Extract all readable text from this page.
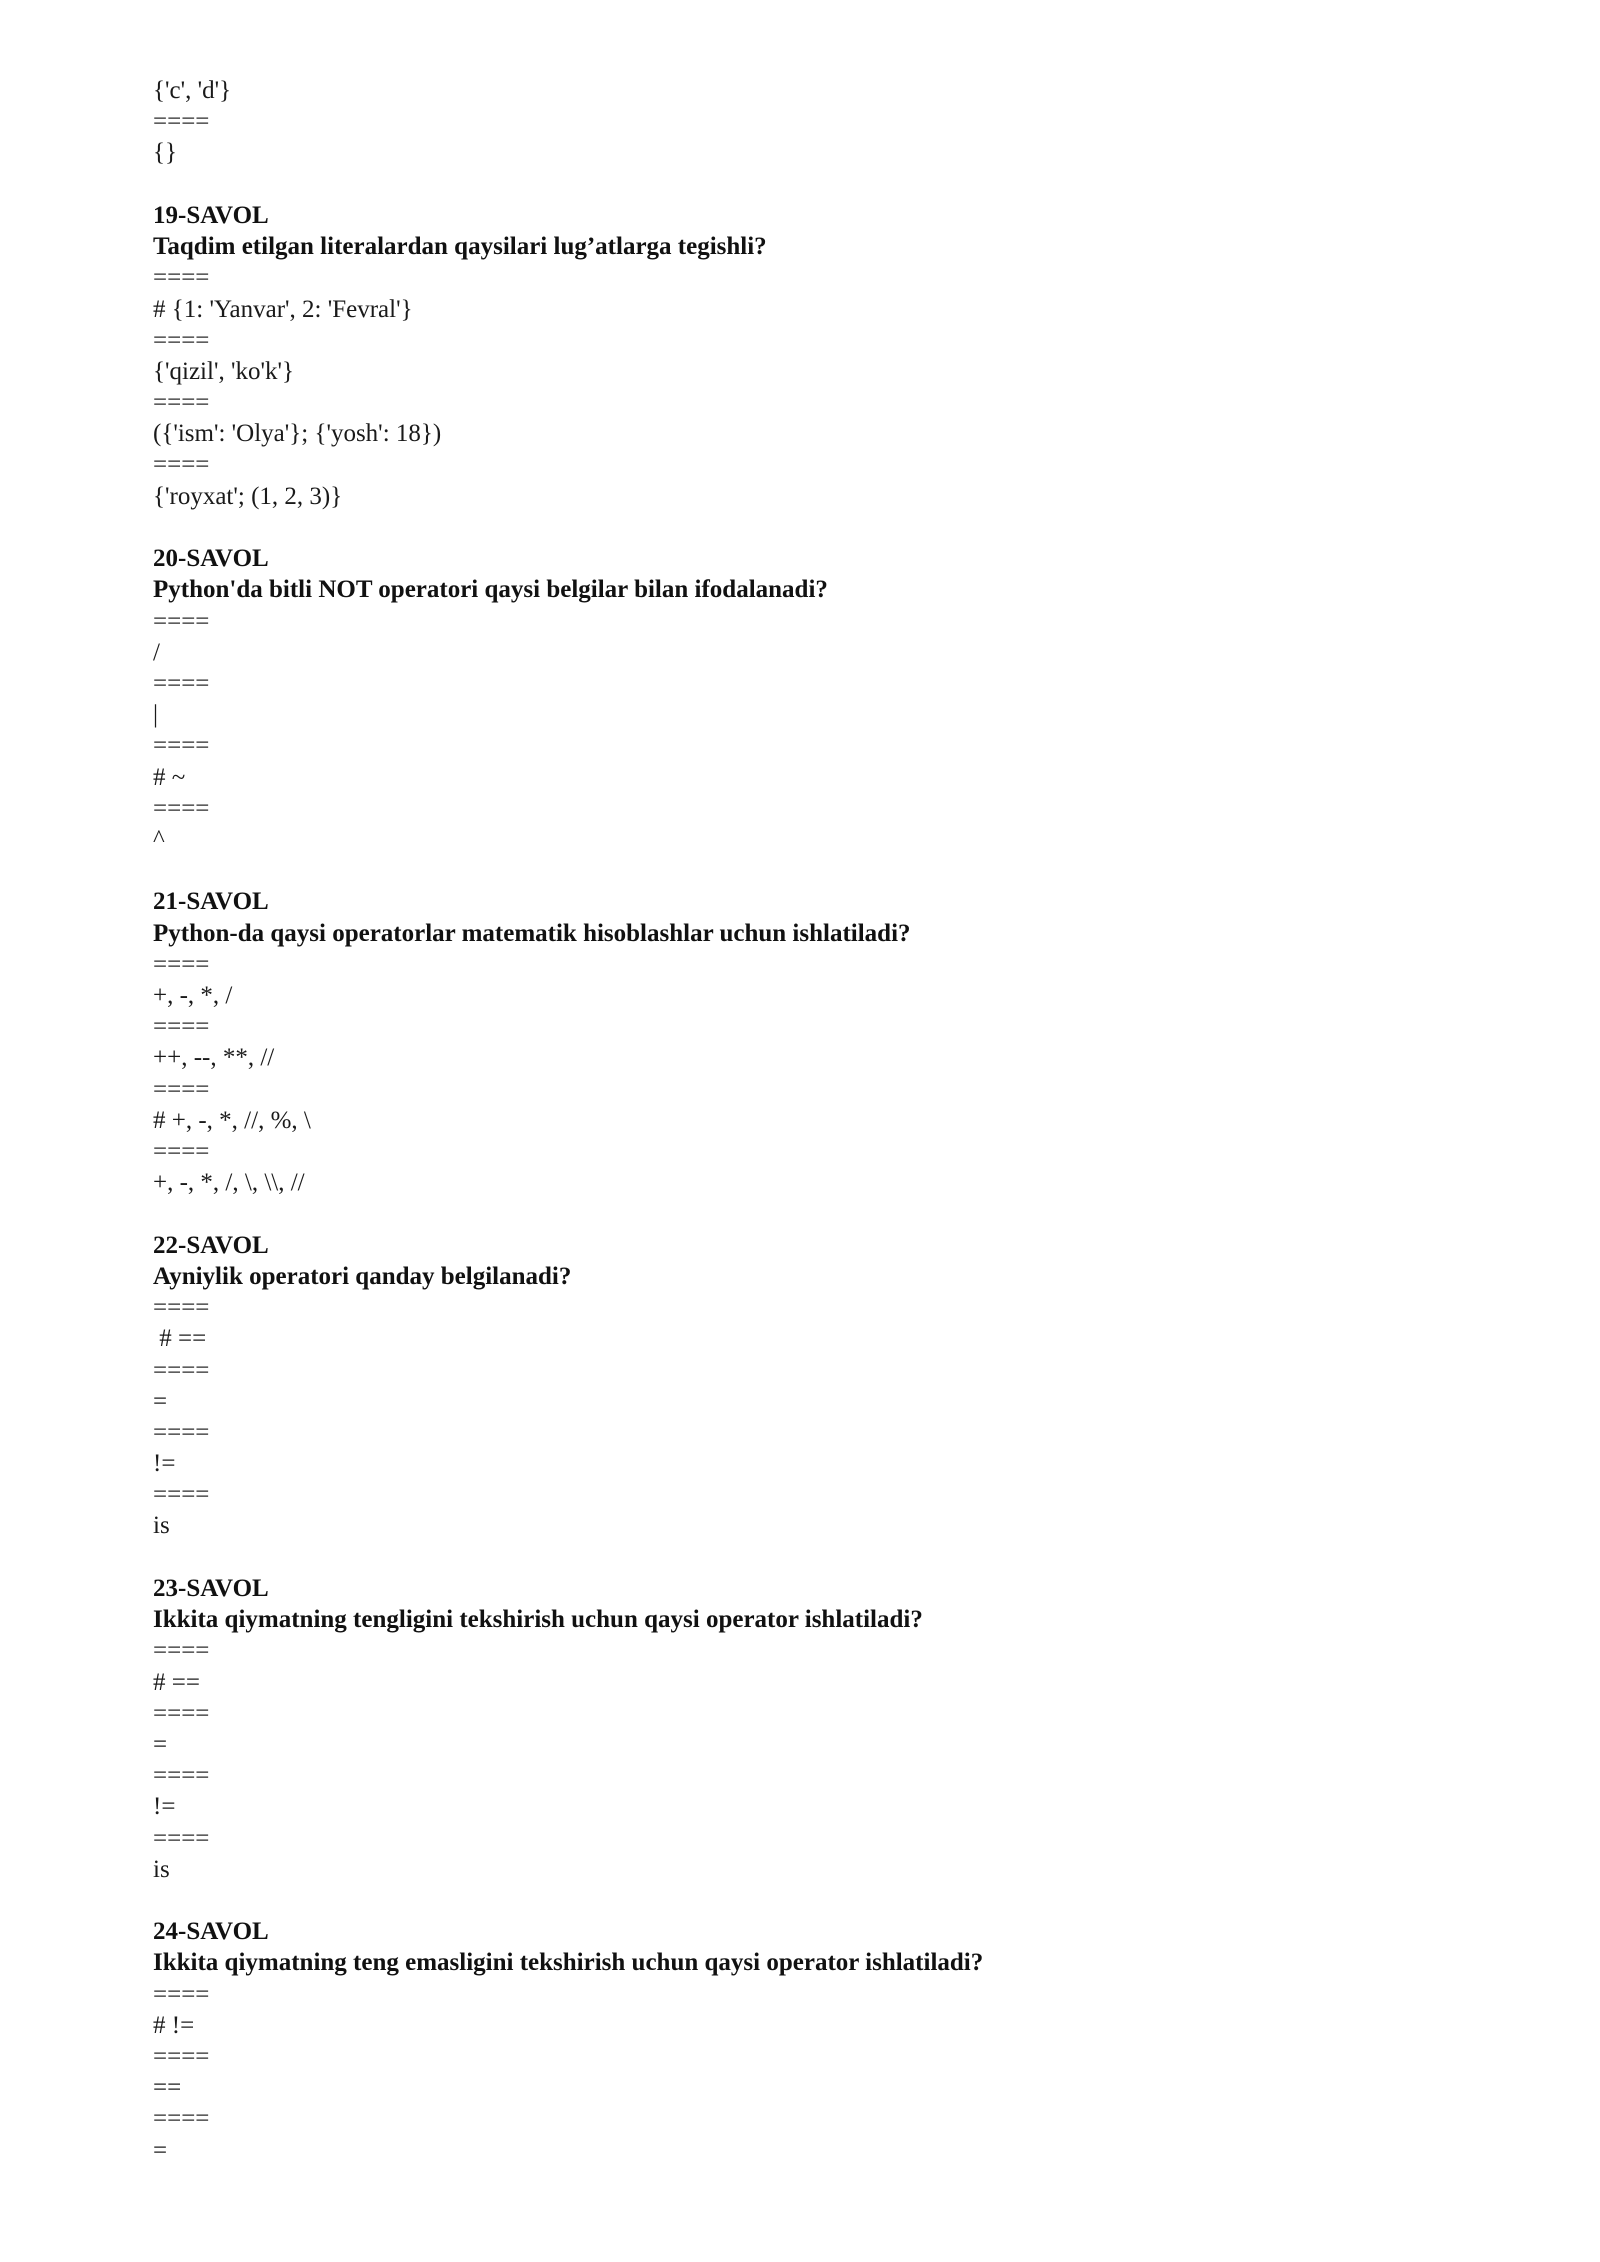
{'c', 'd'}
====
{}
19-SAVOL
Taqdim etilgan literalardan qaysilari lug’atlarga tegishli?
====
# {1: 'Yanvar', 2: 'Fevral'}
====
{'qizil', 'ko'k'}
====
({'ism': 'Olya'}; {'yosh': 18})
====
{'royxat'; (1, 2, 3)}
20-SAVOL
Python'da bitli NOT operatori qaysi belgilar bilan ifodalanadi?
====
/
====
|
====
# ~
====
^
21-SAVOL
Python-da qaysi operatorlar matematik hisoblashlar uchun ishlatiladi?
====
+, -, *, /
====
++, --, **, //
====
# +, -, *, //, %, \
====
+, -, *, /, \, \\, //
22-SAVOL
Ayniylik operatori qanday belgilanadi?
====
# ==
====
=
====
!=
====
is
23-SAVOL
Ikkita qiymatning tengligini tekshirish uchun qaysi operator ishlatiladi?
====
# ==
====
=
====
!=
====
is
24-SAVOL
Ikkita qiymatning teng emasligini tekshirish uchun qaysi operator ishlatiladi?
====
# !=
====
==
====
=
